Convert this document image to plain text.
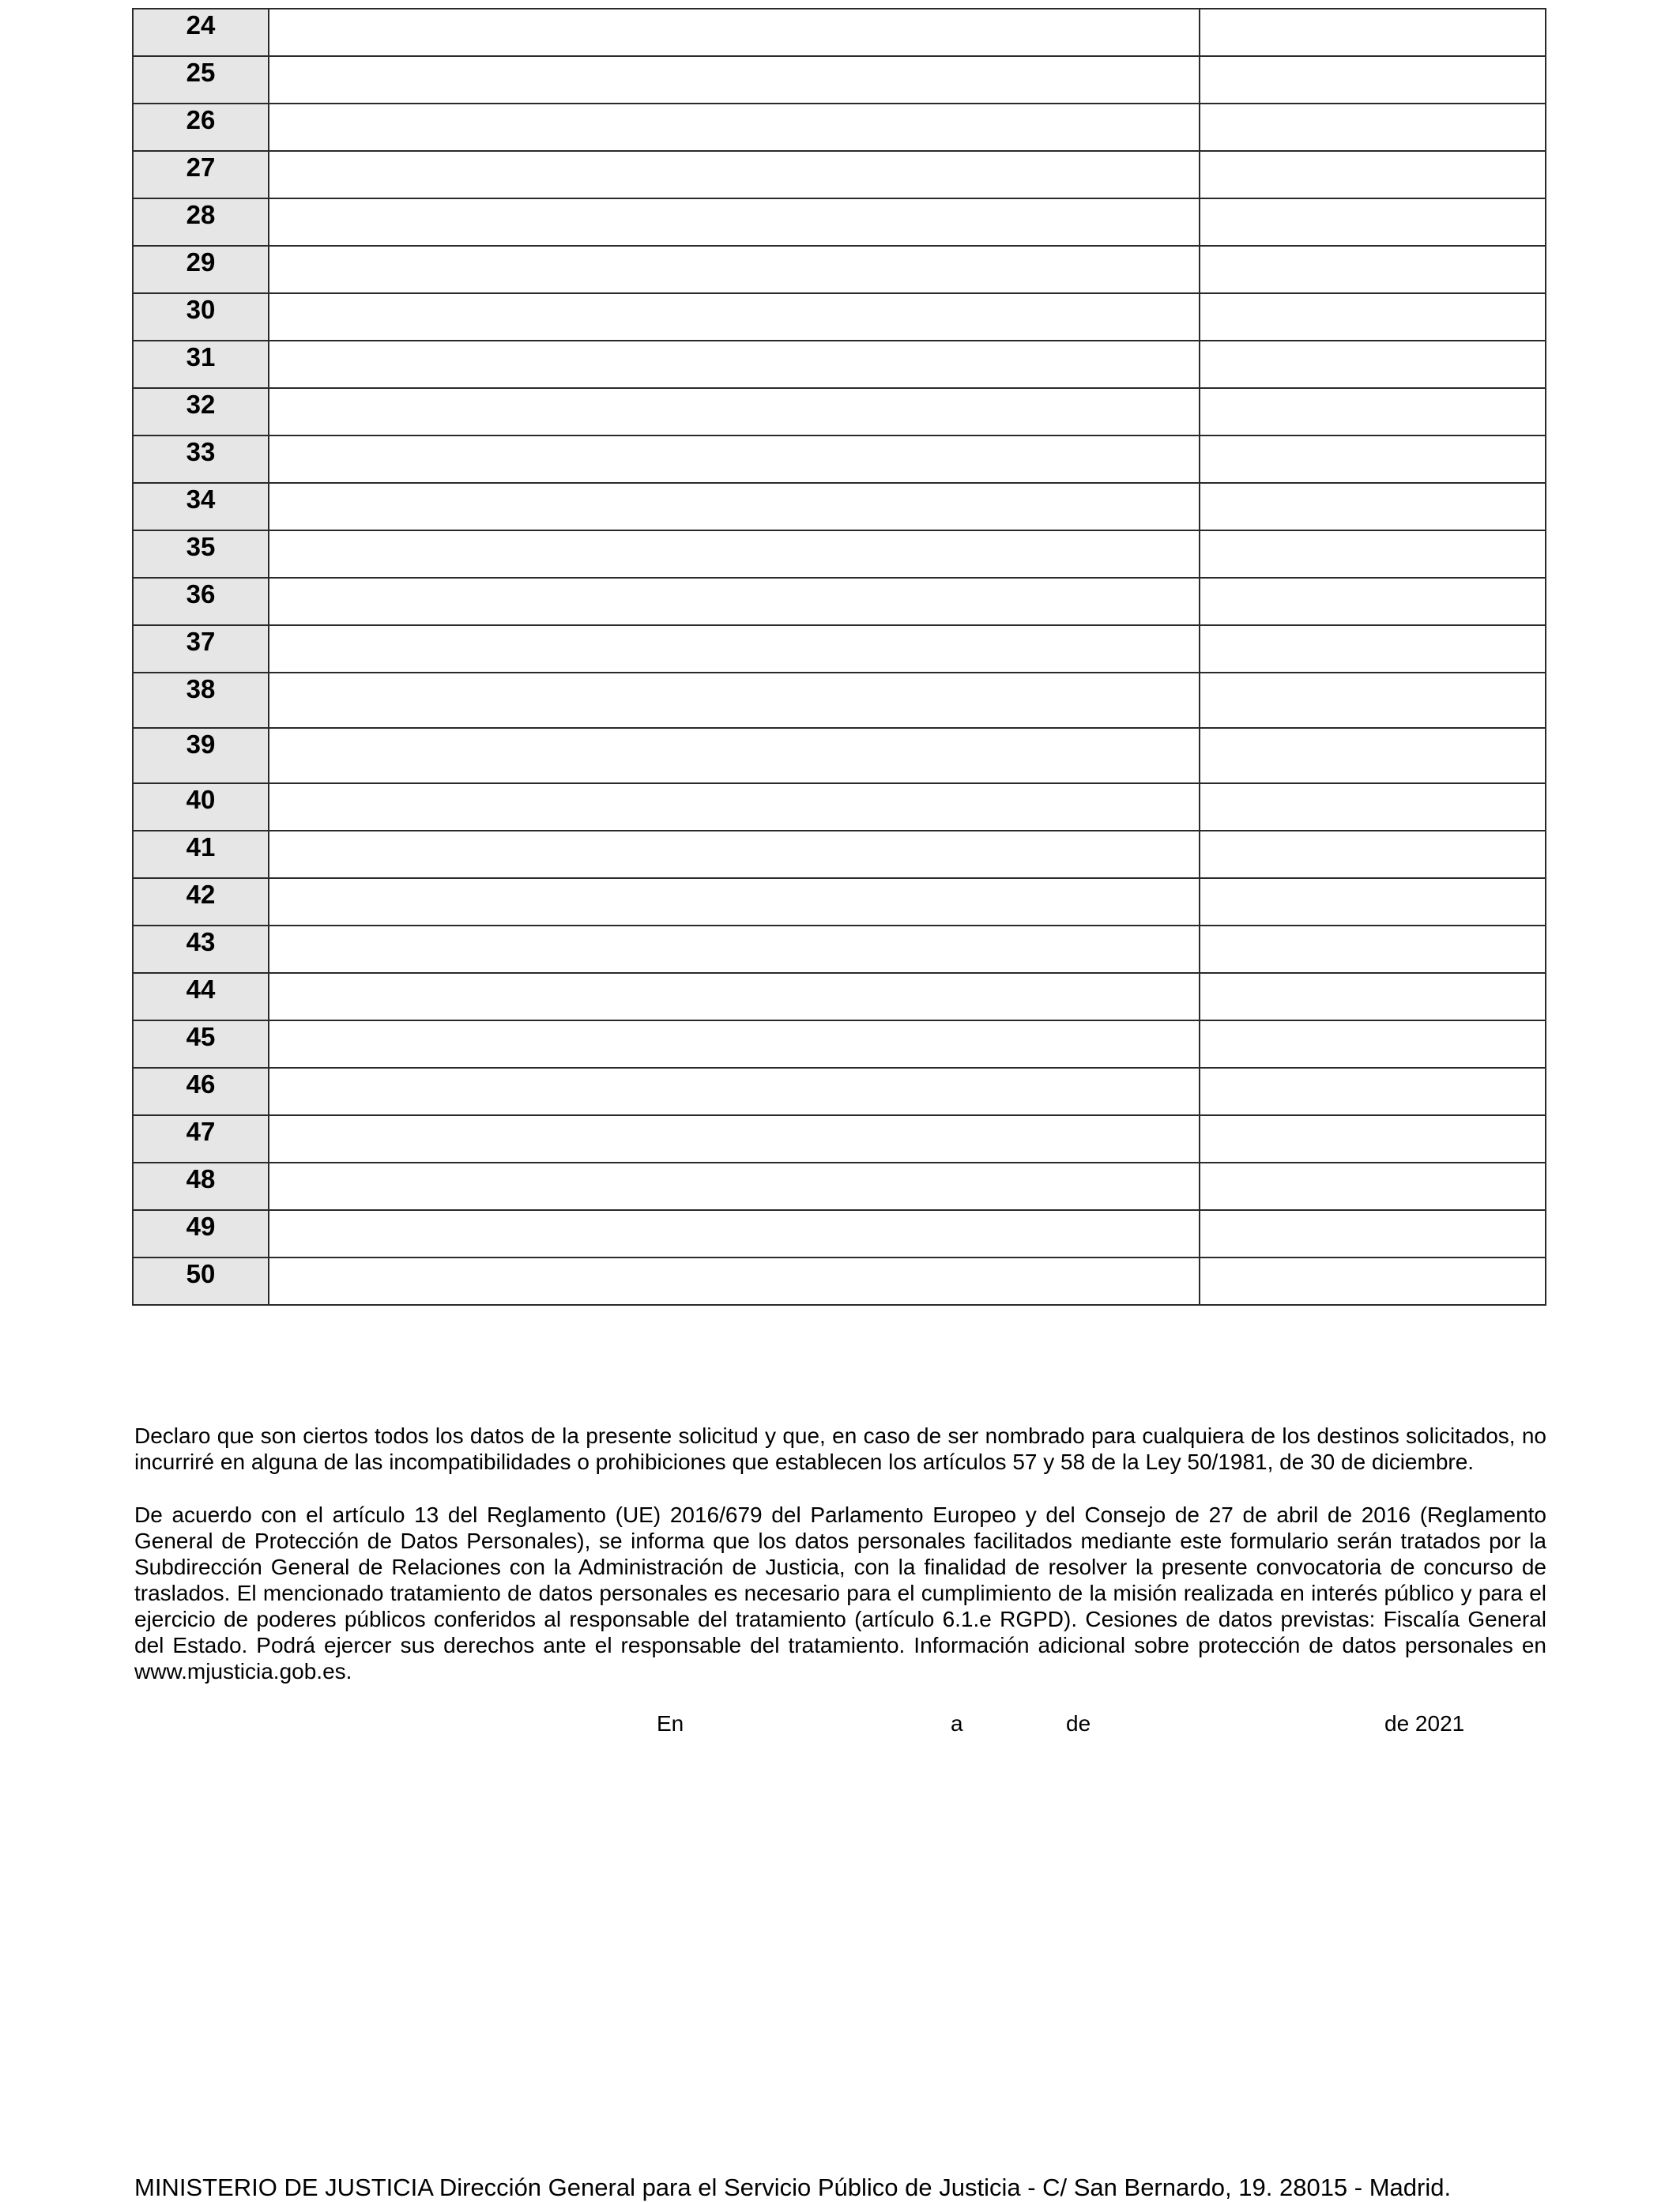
24		
25		
26		
27		
28		
29		
30		
31		
32		
33		
34		
35		
36		
37		
38		
39		
40		
41		
42		
43		
44		
45		
46		
47		
48		
49		
50		

Declaro que son ciertos todos los datos de la presente solicitud y que, en caso de ser nombrado para cualquiera de los destinos solicitados, no incurriré en alguna de las incompatibilidades o prohibiciones que establecen los artículos 57 y 58 de la Ley 50/1981, de 30 de diciembre.

De acuerdo con el artículo 13 del Reglamento (UE) 2016/679 del Parlamento Europeo y del Consejo de 27 de abril de 2016 (Reglamento General de Protección de Datos Personales), se informa que los datos personales facilitados mediante este formulario serán tratados por la Subdirección General de Relaciones con la Administración de Justicia, con la finalidad de resolver la presente convocatoria de concurso de traslados. El mencionado tratamiento de datos personales es necesario para el cumplimiento de la misión realizada en interés público y para el ejercicio de poderes públicos conferidos al responsable del tratamiento (artículo 6.1.e RGPD). Cesiones de datos previstas: Fiscalía General del Estado. Podrá ejercer sus derechos ante el responsable del tratamiento. Información adicional sobre protección de datos personales en www.mjusticia.gob.es.

En	a	de	de 2021
MINISTERIO DE JUSTICIA Dirección General para el Servicio Público de Justicia - C/ San Bernardo, 19. 28015 - Madrid.
